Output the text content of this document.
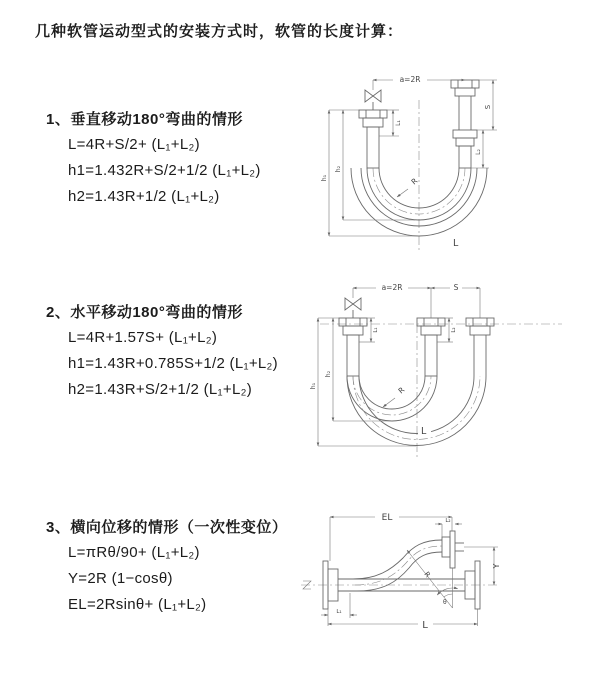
几种软管运动型式的安装方式时，软管的长度计算：
1、垂直移动180°弯曲的情形
L=4R+S/2+ (L₁+L₂)
h1=1.432R+S/2+1/2 (L₁+L₂)
h2=1.43R+1/2 (L₁+L₂)
2、水平移动180°弯曲的情形
L=4R+1.57S+ (L₁+L₂)
h1=1.43R+0.785S+1/2 (L₁+L₂)
h2=1.43R+S/2+1/2 (L₁+L₂)
3、横向位移的情形（一次性变位）
L=πRθ/90+ (L₁+L₂)
Y=2R (1−cosθ)
EL=2Rsinθ+ (L₁+L₂)
a=2R
S
L₂
L₁
h₂
h₁	R
L
a=2R	S
L₁	L₂
h₂
h₁	R
L
θ
R
EL	L₂
Y
L₁
L
